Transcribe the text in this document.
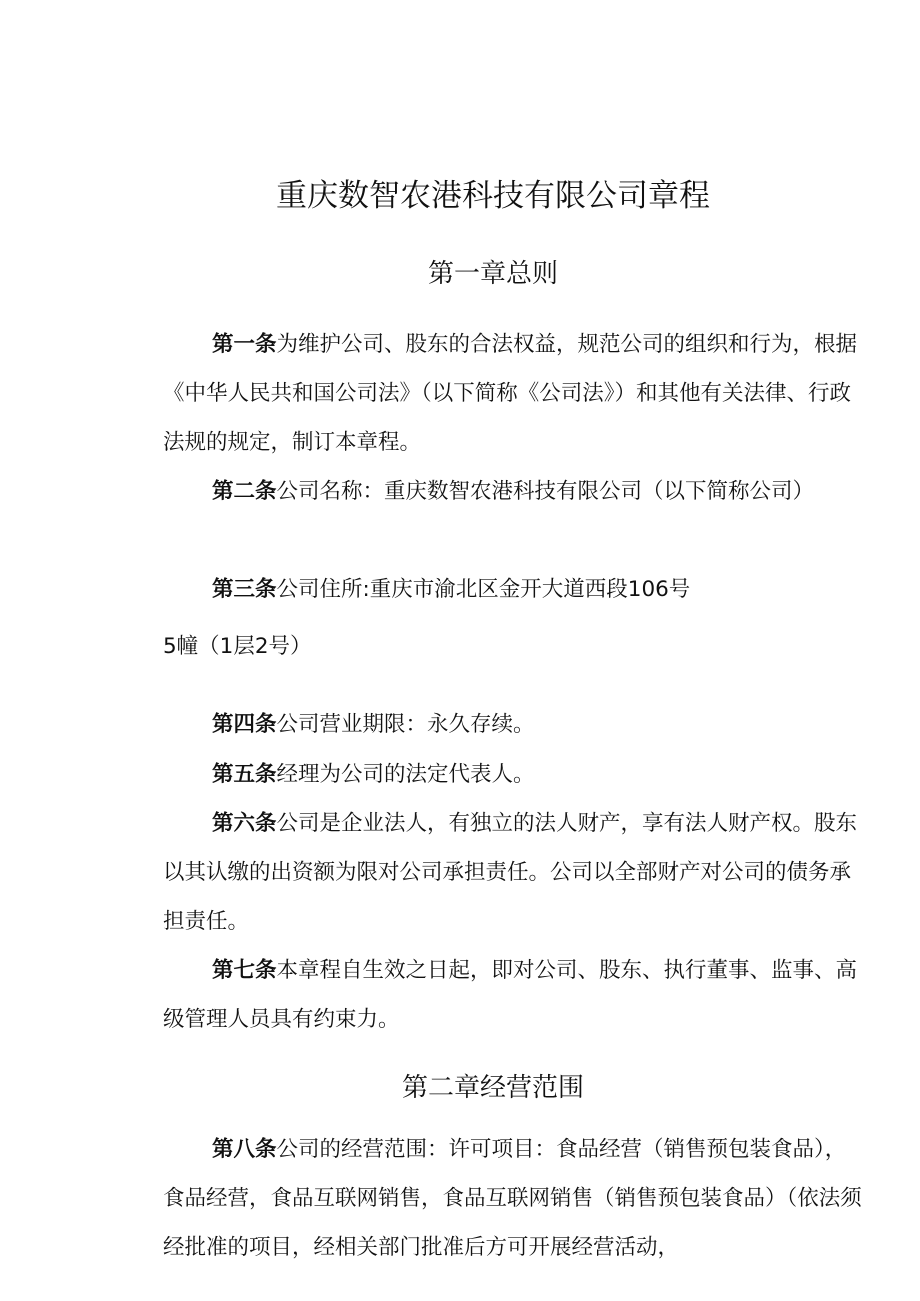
重庆数智农港科技有限公司章程
第一章总则

第一条为维护公司、股东的合法权益，规范公司的组织和行为，根据《中华人民共和国公司法》（以下简称《公司法》）和其他有关法律、行政法规的规定，制订本章程。

第二条公司名称：重庆数智农港科技有限公司（以下简称公司）

第三条公司住所:重庆市渝北区金开大道西段106号

5幢（1层2号）

第四条公司营业期限：永久存续。

第五条经理为公司的法定代表人。

第六条公司是企业法人，有独立的法人财产，享有法人财产权。股东以其认缴的出资额为限对公司承担责任。公司以全部财产对公司的债务承担责任。

第七条本章程自生效之日起，即对公司、股东、执行董事、监事、高级管理人员具有约束力。

第二章经营范围

第八条公司的经营范围：许可项目：食品经营（销售预包装食品），食品经营，食品互联网销售，食品互联网销售（销售预包装食品）（依法须经批准的项目，经相关部门批准后方可开展经营活动，
